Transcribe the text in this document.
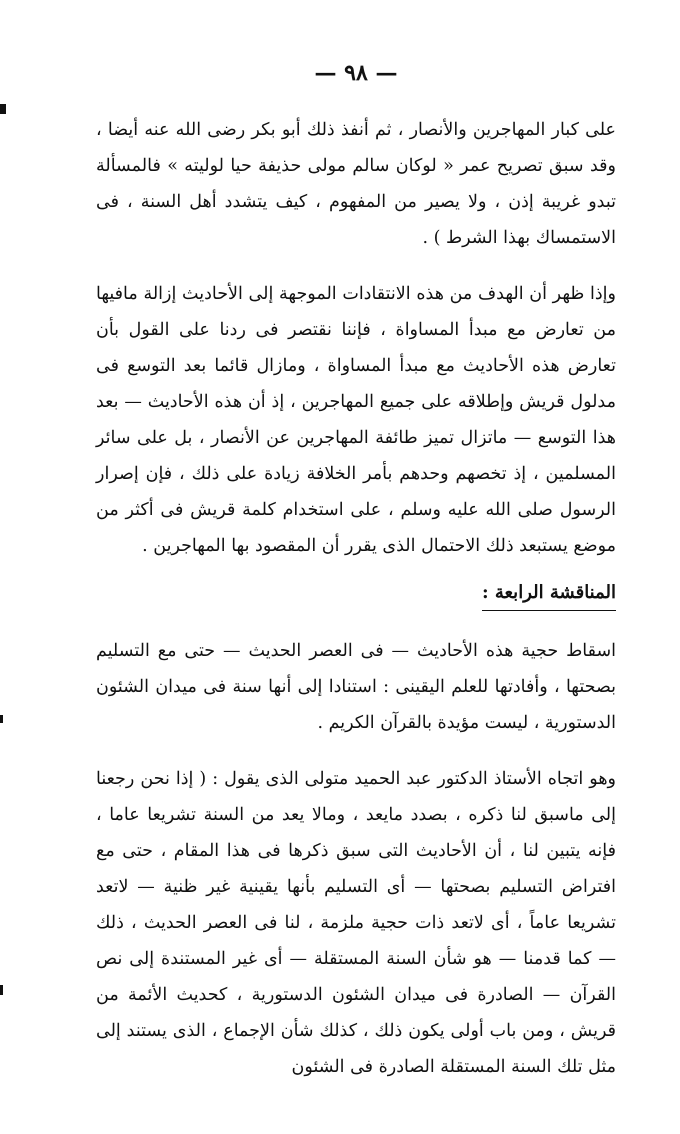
— ٩٨ —

على كبار المهاجرين والأنصار ، ثم أنفذ ذلك أبو بكر رضى الله عنه أيضا ، وقد سبق تصريح عمر « لوكان سالم مولى حذيفة حيا لوليته » فالمسألة تبدو غريبة إذن ، ولا يصير من المفهوم ، كيف يتشدد أهل السنة ، فى الاستمساك بهذا الشرط ) .

وإذا ظهر أن الهدف من هذه الانتقادات الموجهة إلى الأحاديث إزالة مافيها من تعارض مع مبدأ المساواة ، فإننا نقتصر فى ردنا على القول بأن تعارض هذه الأحاديث مع مبدأ المساواة ، ومازال قائما بعد التوسع فى مدلول قريش وإطلاقه على جميع المهاجرين ، إذ أن هذه الأحاديث — بعد هذا التوسع — ماتزال تميز طائفة المهاجرين عن الأنصار ، بل على سائر المسلمين ، إذ تخصهم وحدهم بأمر الخلافة زيادة على ذلك ، فإن إصرار الرسول صلى الله عليه وسلم ، على استخدام كلمة قريش فى أكثر من موضع يستبعد ذلك الاحتمال الذى يقرر أن المقصود بها المهاجرين .

المناقشة الرابعة :

اسقاط حجية هذه الأحاديث — فى العصر الحديث — حتى مع التسليم بصحتها ، وأفادتها للعلم اليقينى : استنادا إلى أنها سنة فى ميدان الشئون الدستورية ، ليست مؤيدة بالقرآن الكريم .

وهو اتجاه الأستاذ الدكتور عبد الحميد متولى الذى يقول : ( إذا نحن رجعنا إلى ماسبق لنا ذكره ، بصدد مايعد ، ومالا يعد من السنة تشريعا عاما ، فإنه يتبين لنا ، أن الأحاديث التى سبق ذكرها فى هذا المقام ، حتى مع افتراض التسليم بصحتها — أى التسليم بأنها يقينية غير ظنية — لاتعد تشريعا عاماً ، أى لاتعد ذات حجية ملزمة ، لنا فى العصر الحديث ، ذلك — كما قدمنا — هو شأن السنة المستقلة — أى غير المستندة إلى نص القرآن — الصادرة فى ميدان الشئون الدستورية ، كحديث الأئمة من قريش ، ومن باب أولى يكون ذلك ، كذلك شأن الإجماع ، الذى يستند إلى مثل تلك السنة المستقلة الصادرة فى الشئون
